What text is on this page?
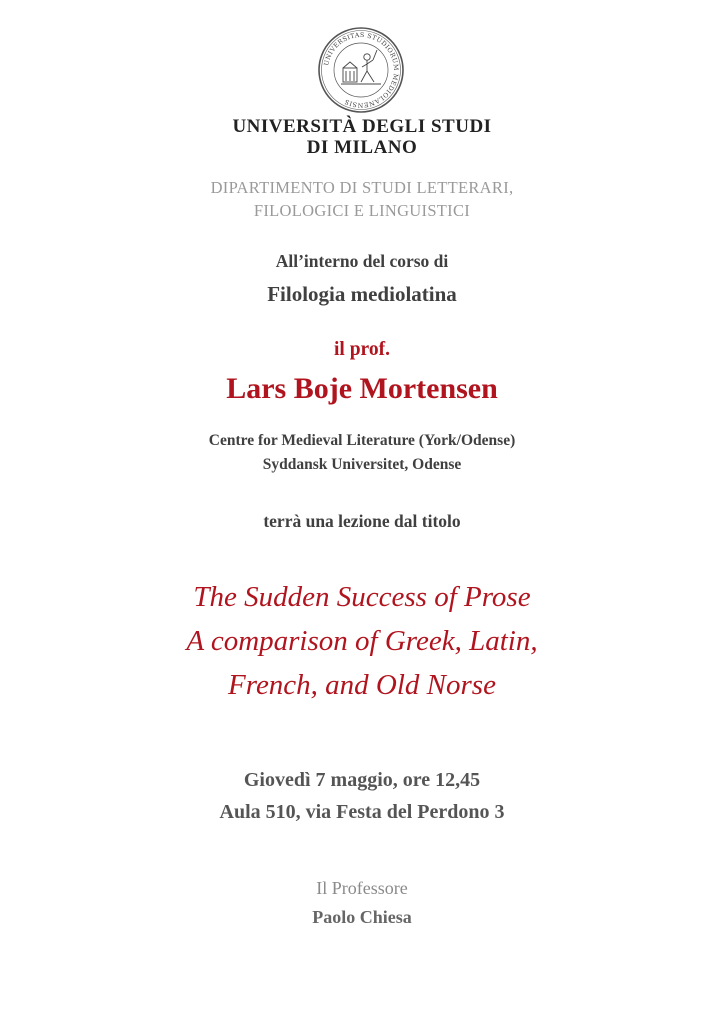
UNIVERSITAS STUDIORUM MEDIOLANENSIS
UNIVERSITÀ DEGLI STUDI
DI MILANO
DIPARTIMENTO DI STUDI LETTERARI,
FILOLOGICI E LINGUISTICI
All’interno del corso di
Filologia mediolatina
il prof.
Lars Boje Mortensen
Centre for Medieval Literature (York/Odense)
Syddansk Universitet, Odense
terrà una lezione dal titolo
The Sudden Success of Prose
A comparison of Greek, Latin,
French, and Old Norse
Giovedì 7 maggio, ore 12,45
Aula 510, via Festa del Perdono 3
Il Professore
Paolo Chiesa
